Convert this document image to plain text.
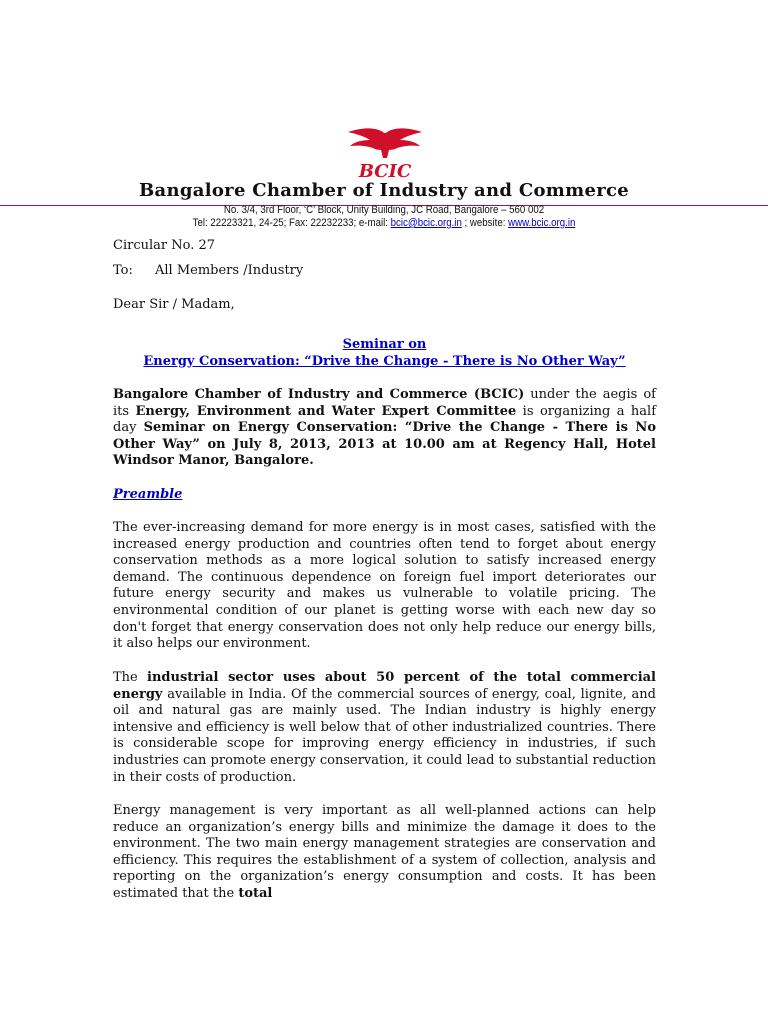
BCIC
Bangalore Chamber of Industry and Commerce
No. 3/4, 3rd Floor, ‘C’ Block, Unity Building, JC Road, Bangalore – 560 002
Tel: 22223321, 24-25; Fax: 22232233; e-mail: bcic@bcic.org.in ; website: www.bcic.org.in
Circular No. 27
To: All Members /Industry
Dear Sir / Madam,
Seminar on
Energy Conservation: “Drive the Change - There is No Other Way”
Bangalore Chamber of Industry and Commerce (BCIC) under the aegis of its Energy, Environment and Water Expert Committee is organizing a half day Seminar on Energy Conservation: “Drive the Change - There is No Other Way” on July 8, 2013, 2013 at 10.00 am at Regency Hall, Hotel Windsor Manor, Bangalore.
Preamble
The ever-increasing demand for more energy is in most cases, satisfied with the increased energy production and countries often tend to forget about energy conservation methods as a more logical solution to satisfy increased energy demand. The continuous dependence on foreign fuel import deteriorates our future energy security and makes us vulnerable to volatile pricing. The environmental condition of our planet is getting worse with each new day so don't forget that energy conservation does not only help reduce our energy bills, it also helps our environment.
The industrial sector uses about 50 percent of the total commercial energy available in India. Of the commercial sources of energy, coal, lignite, and oil and natural gas are mainly used. The Indian industry is highly energy intensive and efficiency is well below that of other industrialized countries. There is considerable scope for improving energy efficiency in industries, if such industries can promote energy conservation, it could lead to substantial reduction in their costs of production.
Energy management is very important as all well-planned actions can help reduce an organization’s energy bills and minimize the damage it does to the environment. The two main energy management strategies are conservation and efficiency. This requires the establishment of a system of collection, analysis and reporting on the organization’s energy consumption and costs. It has been estimated that the total
